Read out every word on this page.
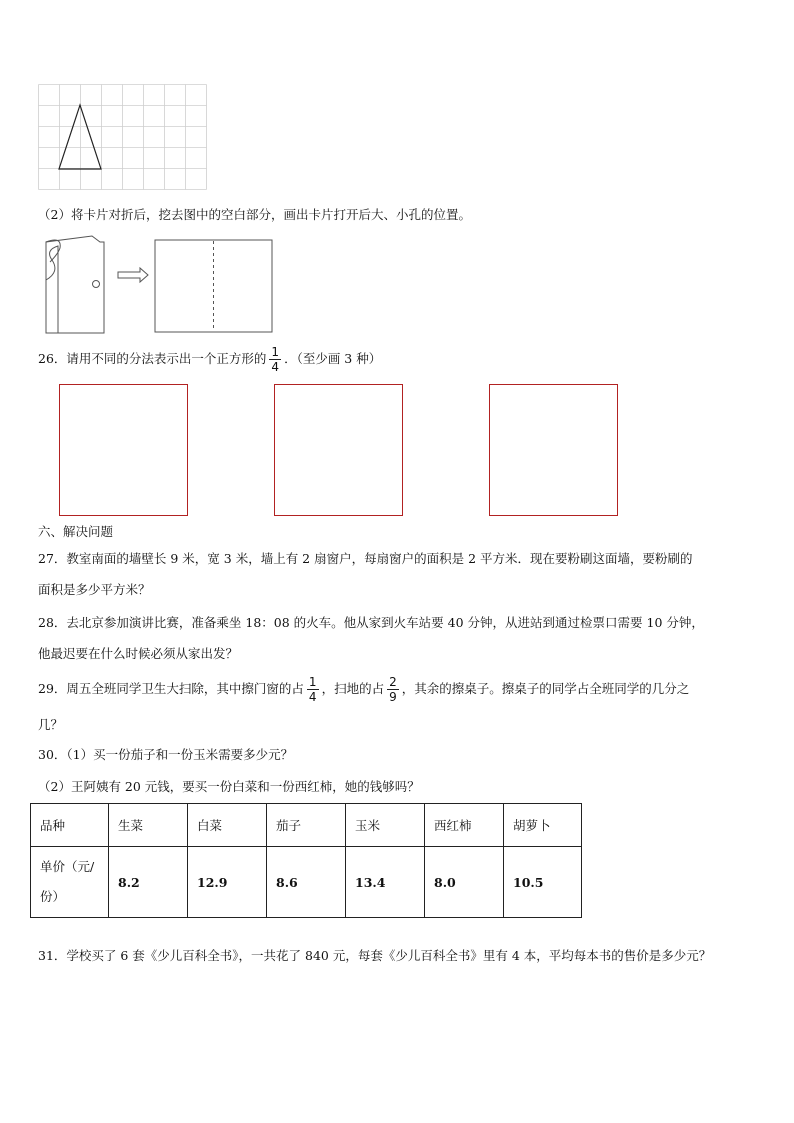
（2）将卡片对折后，挖去图中的空白部分，画出卡片打开后大、小孔的位置。
26．请用不同的分法表示出一个正方形的 $\frac{1}{4}$ ．（至少画 3 种）
六、解决问题
27．教室南面的墙壁长 9 米，宽 3 米，墙上有 2 扇窗户，每扇窗户的面积是 2 平方米．现在要粉刷这面墙，要粉刷的
面积是多少平方米？
28．去北京参加演讲比赛，准备乘坐 18：08 的火车。他从家到火车站要 40 分钟，从进站到通过检票口需要 10 分钟，
他最迟要在什么时候必须从家出发？
29．周五全班同学卫生大扫除，其中擦门窗的占 $\frac{1}{4}$ ，扫地的占 $\frac{2}{9}$ ，其余的擦桌子。擦桌子的同学占全班同学的几分之
几？
30．（1）买一份茄子和一份玉米需要多少元？
（2）王阿姨有 20 元钱，要买一份白菜和一份西红柿，她的钱够吗？
品种	生菜	白菜	茄子	玉米	西红柿	胡萝卜

单价（元/
份）	8.2	12.9	8.6	13.4	8.0	10.5
31．学校买了 6 套《少儿百科全书》，一共花了 840 元，每套《少儿百科全书》里有 4 本，平均每本书的售价是多少元？
